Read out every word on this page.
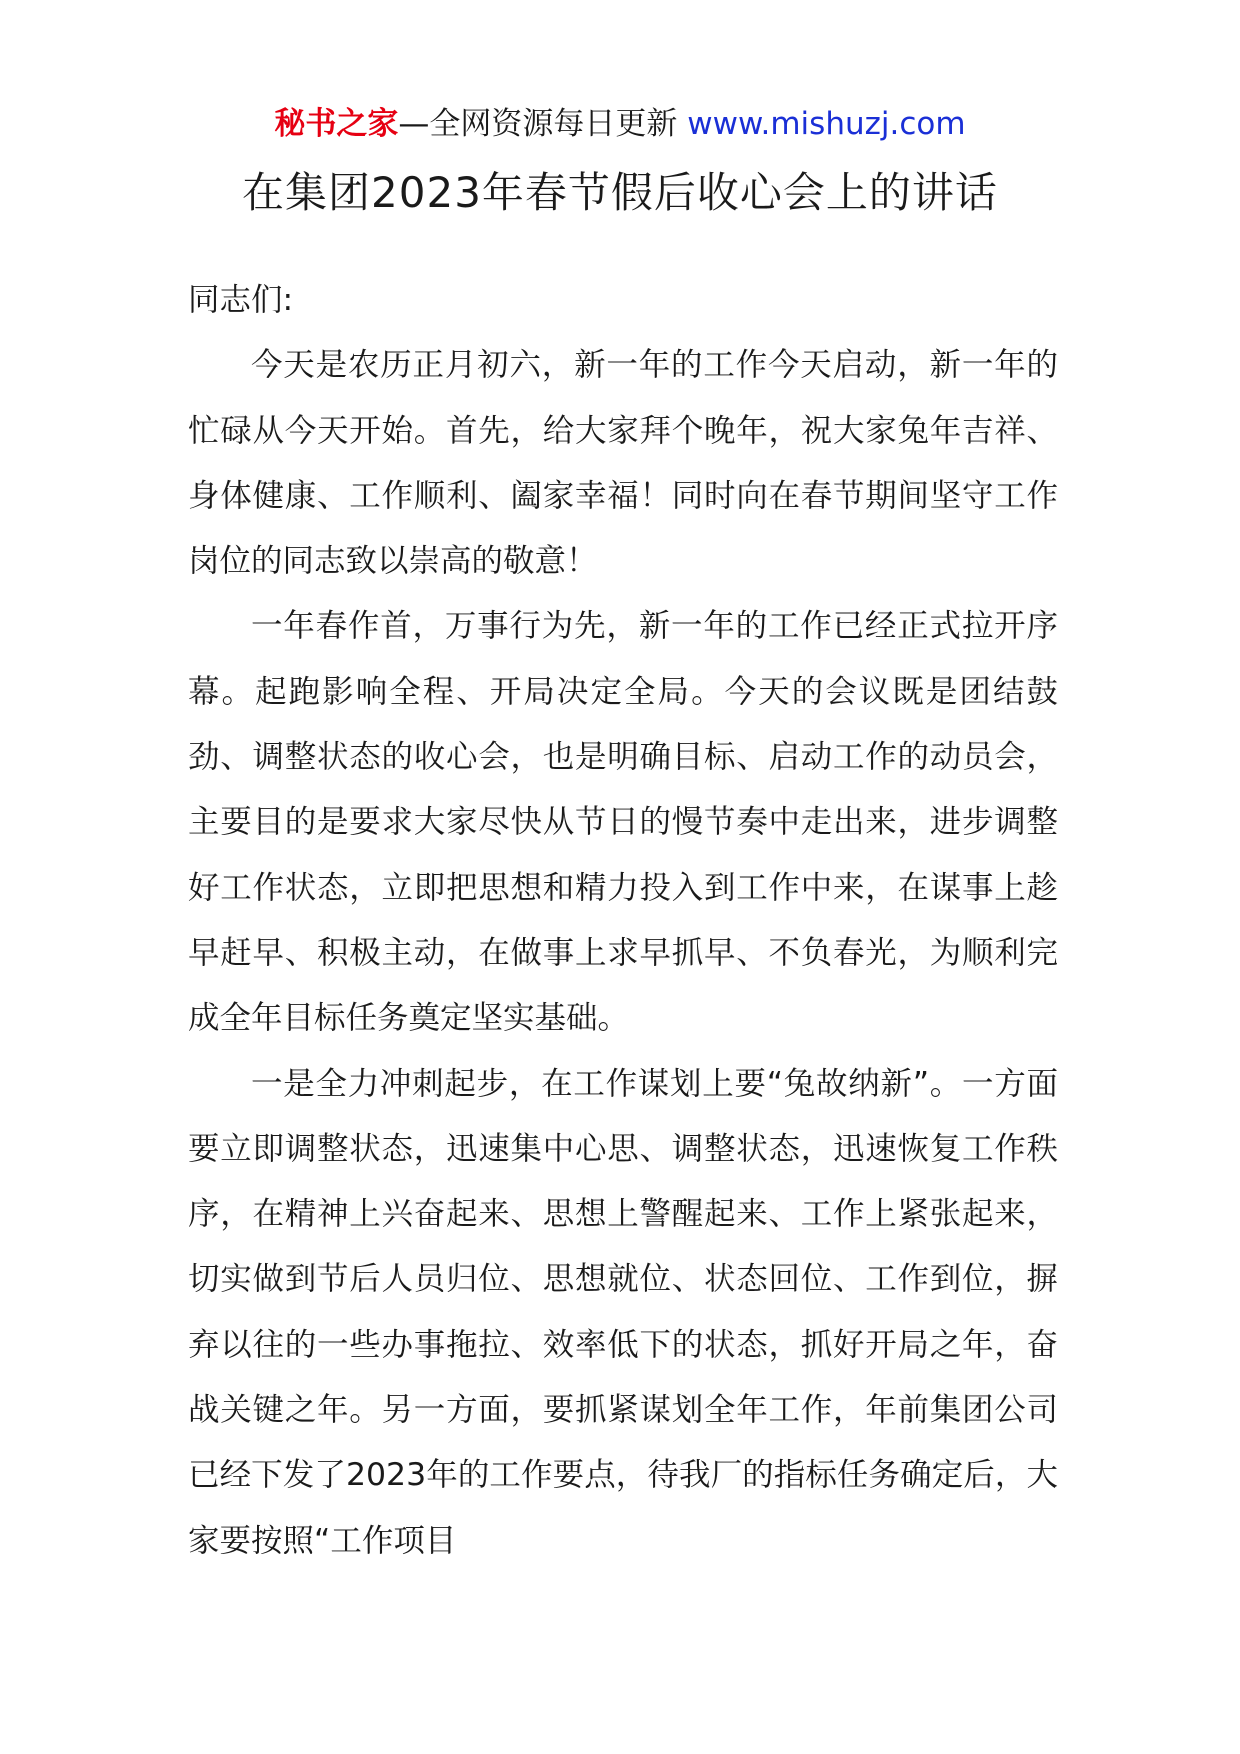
秘书之家—全网资源每日更新 www.mishuzj.com
在集团2023年春节假后收心会上的讲话

同志们:

今天是农历正月初六，新一年的工作今天启动，新一年的忙碌从今天开始。首先，给大家拜个晚年，祝大家兔年吉祥、身体健康、工作顺利、阖家幸福！同时向在春节期间坚守工作岗位的同志致以崇高的敬意！

一年春作首，万事行为先，新一年的工作已经正式拉开序幕。起跑影响全程、开局决定全局。今天的会议既是团结鼓劲、调整状态的收心会，也是明确目标、启动工作的动员会，主要目的是要求大家尽快从节日的慢节奏中走出来，进步调整好工作状态，立即把思想和精力投入到工作中来，在谋事上趁早赶早、积极主动，在做事上求早抓早、不负春光，为顺利完成全年目标任务奠定坚实基础。

一是全力冲刺起步，在工作谋划上要“兔故纳新”。一方面要立即调整状态，迅速集中心思、调整状态，迅速恢复工作秩序，在精神上兴奋起来、思想上警醒起来、工作上紧张起来，切实做到节后人员归位、思想就位、状态回位、工作到位，摒弃以往的一些办事拖拉、效率低下的状态，抓好开局之年，奋战关键之年。另一方面，要抓紧谋划全年工作，年前集团公司已经下发了2023年的工作要点，待我厂的指标任务确定后，大家要按照“工作项目
